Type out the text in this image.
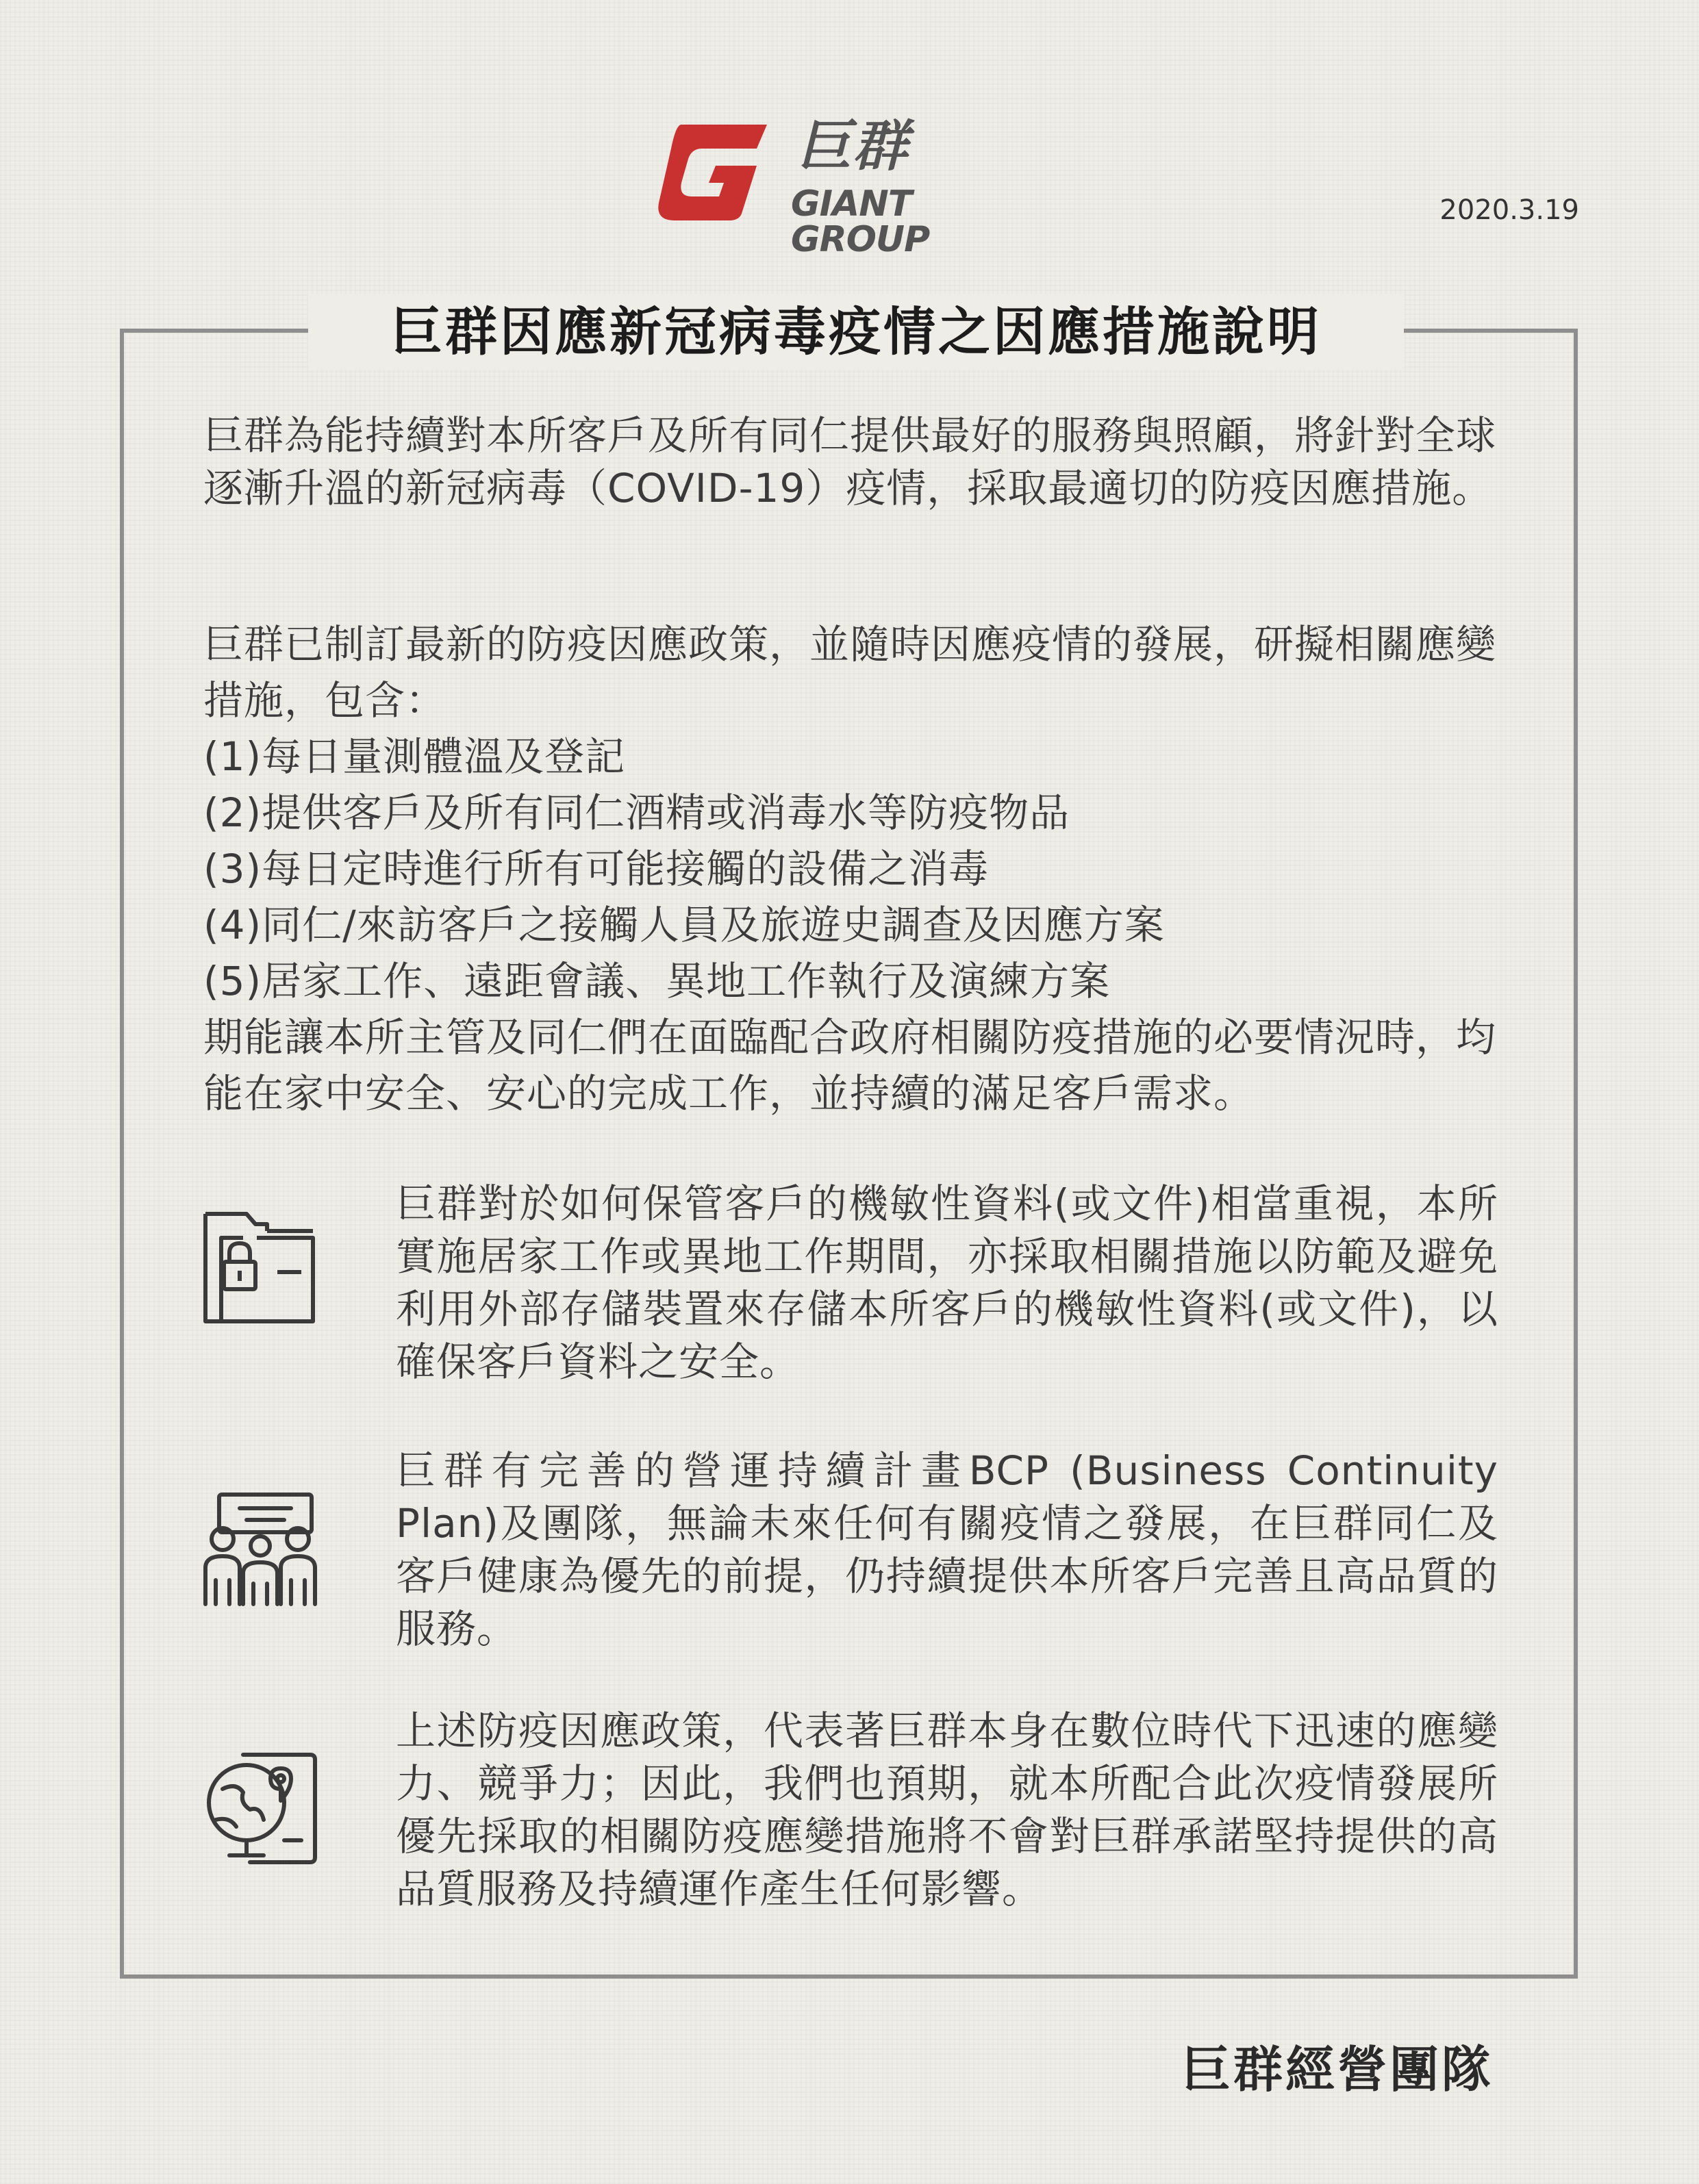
巨群
GIANT GROUP
2020.3.19
巨群因應新冠病毒疫情之因應措施說明
巨群為能持續對本所客戶及所有同仁提供最好的服務與照顧，將針對全球逐漸升溫的新冠病毒（COVID-19）疫情，採取最適切的防疫因應措施。

巨群已制訂最新的防疫因應政策，並隨時因應疫情的發展，研擬相關應變措施，包含：

(1)每日量測體溫及登記
(2)提供客戶及所有同仁酒精或消毒水等防疫物品
(3)每日定時進行所有可能接觸的設備之消毒
(4)同仁/來訪客戶之接觸人員及旅遊史調查及因應方案
(5)居家工作、遠距會議、異地工作執行及演練方案

期能讓本所主管及同仁們在面臨配合政府相關防疫措施的必要情況時，均能在家中安全、安心的完成工作，並持續的滿足客戶需求。

巨群對於如何保管客戶的機敏性資料(或文件)相當重視，本所實施居家工作或異地工作期間，亦採取相關措施以防範及避免利用外部存儲裝置來存儲本所客戶的機敏性資料(或文件)，以確保客戶資料之安全。
巨群有完善的營運持續計畫BCP (Business Continuity Plan)及團隊，無論未來任何有關疫情之發展，在巨群同仁及客戶健康為優先的前提，仍持續提供本所客戶完善且高品質的服務。
上述防疫因應政策，代表著巨群本身在數位時代下迅速的應變力、競爭力；因此，我們也預期，就本所配合此次疫情發展所優先採取的相關防疫應變措施將不會對巨群承諾堅持提供的高品質服務及持續運作產生任何影響。
巨群經營團隊
